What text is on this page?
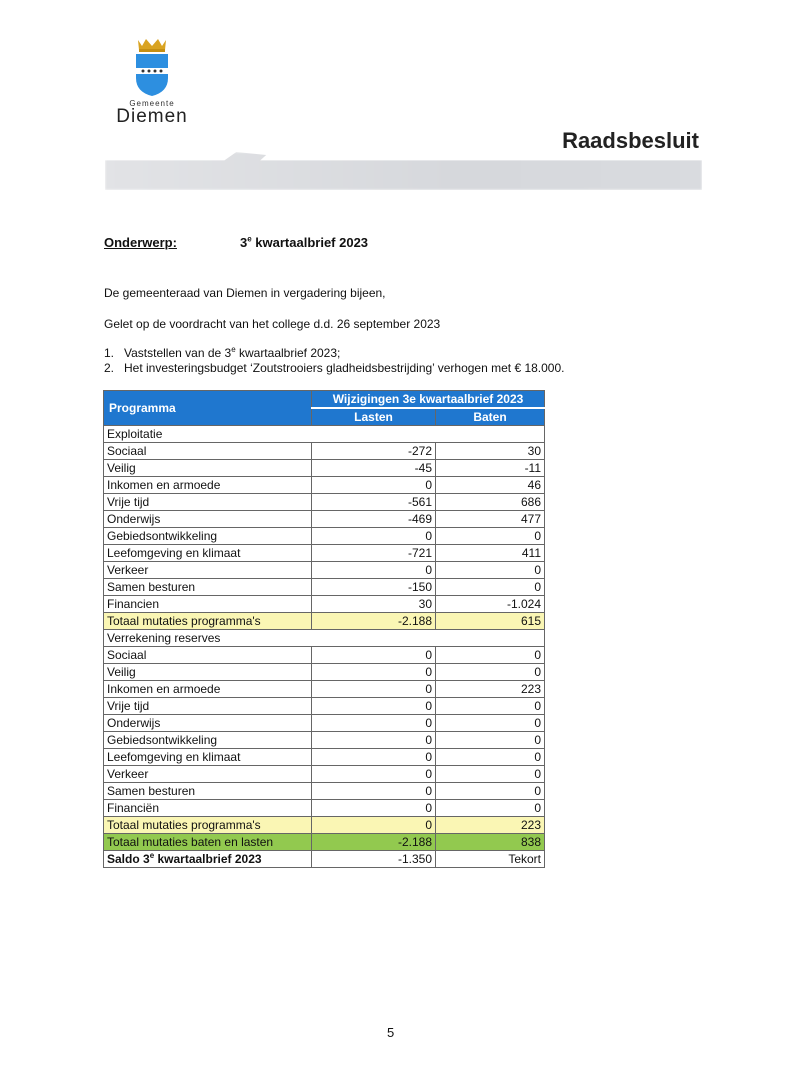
Gemeente
Diemen
Raadsbesluit
Onderwerp:	3e kwartaalbrief 2023
De gemeenteraad van Diemen in vergadering bijeen,
Gelet op de voordracht van het college d.d. 26 september 2023
1. Vaststellen van de 3e kwartaalbrief 2023;
2. Het investeringsbudget ‘Zoutstrooiers gladheidsbestrijding’ verhogen met € 18.000.
Programma	Wijzigingen 3e kwartaalbrief 2023	
	Lasten	Baten
Exploitatie		
Sociaal	-272	30
Veilig	-45	-11
Inkomen en armoede	0	46
Vrije tijd	-561	686
Onderwijs	-469	477
Gebiedsontwikkeling	0	0
Leefomgeving en klimaat	-721	411
Verkeer	0	0
Samen besturen	-150	0
Financien	30	-1.024
Totaal mutaties programma's	-2.188	615
Verrekening reserves		
Sociaal	0	0
Veilig	0	0
Inkomen en armoede	0	223
Vrije tijd	0	0
Onderwijs	0	0
Gebiedsontwikkeling	0	0
Leefomgeving en klimaat	0	0
Verkeer	0	0
Samen besturen	0	0
Financiën	0	0
Totaal mutaties programma's	0	223
Totaal mutaties baten en lasten	-2.188	838
Saldo 3e kwartaalbrief 2023	-1.350	Tekort
5
